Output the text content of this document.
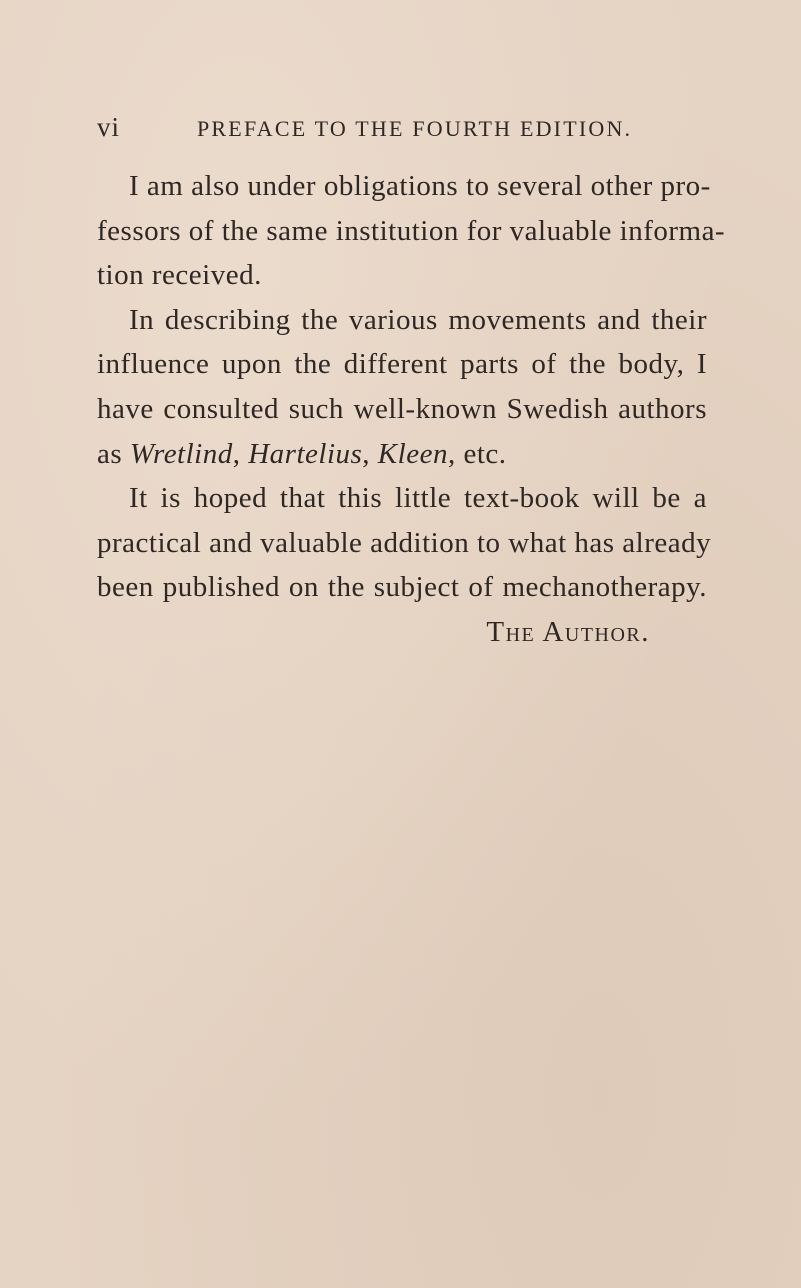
vi	PREFACE TO THE FOURTH EDITION.
I am also under obligations to several other pro-
fessors of the same institution for valuable informa-
tion received.
In describing the various movements and their
influence upon the different parts of the body, I
have consulted such well-known Swedish authors
as Wretlind, Hartelius, Kleen, etc.
It is hoped that this little text-book will be a
practical and valuable addition to what has already
been published on the subject of mechanotherapy.
The Author.
